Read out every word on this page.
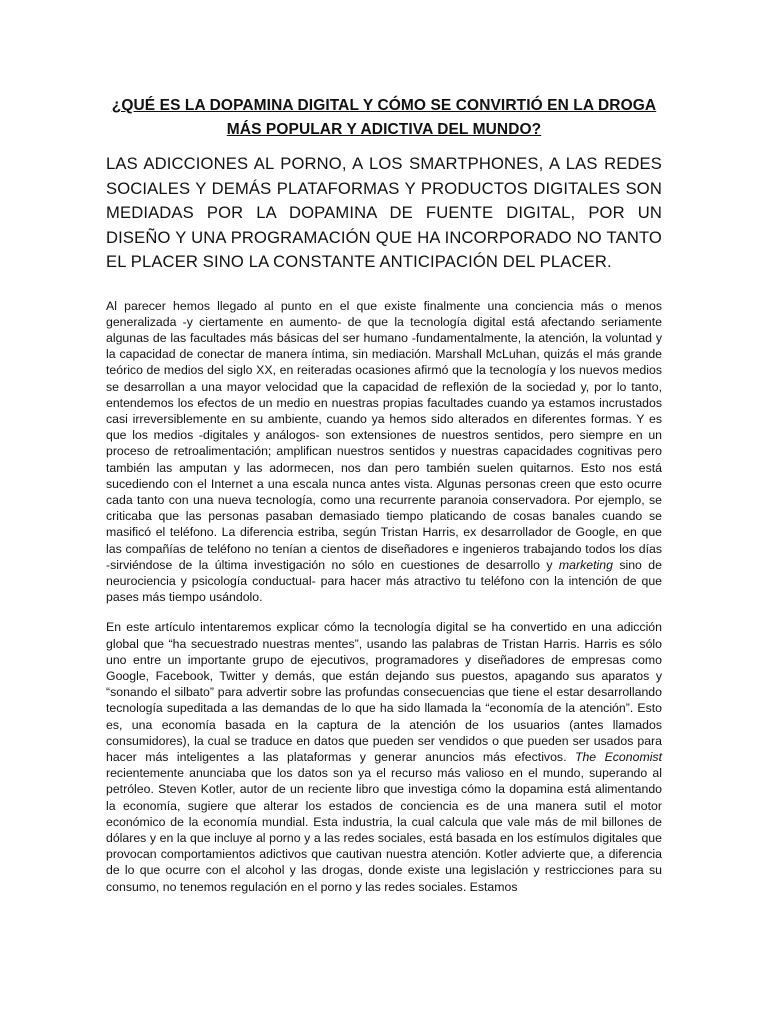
¿QUÉ ES LA DOPAMINA DIGITAL Y CÓMO SE CONVIRTIÓ EN LA DROGA MÁS POPULAR Y ADICTIVA DEL MUNDO?

LAS ADICCIONES AL PORNO, A LOS SMARTPHONES, A LAS REDES SOCIALES Y DEMÁS PLATAFORMAS Y PRODUCTOS DIGITALES SON MEDIADAS POR LA DOPAMINA DE FUENTE DIGITAL, POR UN DISEÑO Y UNA PROGRAMACIÓN QUE HA INCORPORADO NO TANTO EL PLACER SINO LA CONSTANTE ANTICIPACIÓN DEL PLACER.

Al parecer hemos llegado al punto en el que existe finalmente una conciencia más o menos generalizada -y ciertamente en aumento- de que la tecnología digital está afectando seriamente algunas de las facultades más básicas del ser humano -fundamentalmente, la atención, la voluntad y la capacidad de conectar de manera íntima, sin mediación. Marshall McLuhan, quizás el más grande teórico de medios del siglo XX, en reiteradas ocasiones afirmó que la tecnología y los nuevos medios se desarrollan a una mayor velocidad que la capacidad de reflexión de la sociedad y, por lo tanto, entendemos los efectos de un medio en nuestras propias facultades cuando ya estamos incrustados casi irreversiblemente en su ambiente, cuando ya hemos sido alterados en diferentes formas. Y es que los medios -digitales y análogos- son extensiones de nuestros sentidos, pero siempre en un proceso de retroalimentación; amplifican nuestros sentidos y nuestras capacidades cognitivas pero también las amputan y las adormecen, nos dan pero también suelen quitarnos. Esto nos está sucediendo con el Internet a una escala nunca antes vista. Algunas personas creen que esto ocurre cada tanto con una nueva tecnología, como una recurrente paranoia conservadora. Por ejemplo, se criticaba que las personas pasaban demasiado tiempo platicando de cosas banales cuando se masificó el teléfono. La diferencia estriba, según Tristan Harris, ex desarrollador de Google, en que las compañías de teléfono no tenían a cientos de diseñadores e ingenieros trabajando todos los días -sirviéndose de la última investigación no sólo en cuestiones de desarrollo y marketing sino de neurociencia y psicología conductual- para hacer más atractivo tu teléfono con la intención de que pases más tiempo usándolo.

En este artículo intentaremos explicar cómo la tecnología digital se ha convertido en una adicción global que “ha secuestrado nuestras mentes”, usando las palabras de Tristan Harris. Harris es sólo uno entre un importante grupo de ejecutivos, programadores y diseñadores de empresas como Google, Facebook, Twitter y demás, que están dejando sus puestos, apagando sus aparatos y “sonando el silbato” para advertir sobre las profundas consecuencias que tiene el estar desarrollando tecnología supeditada a las demandas de lo que ha sido llamada la “economía de la atención”. Esto es, una economía basada en la captura de la atención de los usuarios (antes llamados consumidores), la cual se traduce en datos que pueden ser vendidos o que pueden ser usados para hacer más inteligentes a las plataformas y generar anuncios más efectivos. The Economist recientemente anunciaba que los datos son ya el recurso más valioso en el mundo, superando al petróleo. Steven Kotler, autor de un reciente libro que investiga cómo la dopamina está alimentando la economía, sugiere que alterar los estados de conciencia es de una manera sutil el motor económico de la economía mundial. Esta industria, la cual calcula que vale más de mil billones de dólares y en la que incluye al porno y a las redes sociales, está basada en los estímulos digitales que provocan comportamientos adictivos que cautivan nuestra atención. Kotler advierte que, a diferencia de lo que ocurre con el alcohol y las drogas, donde existe una legislación y restricciones para su consumo, no tenemos regulación en el porno y las redes sociales. Estamos
